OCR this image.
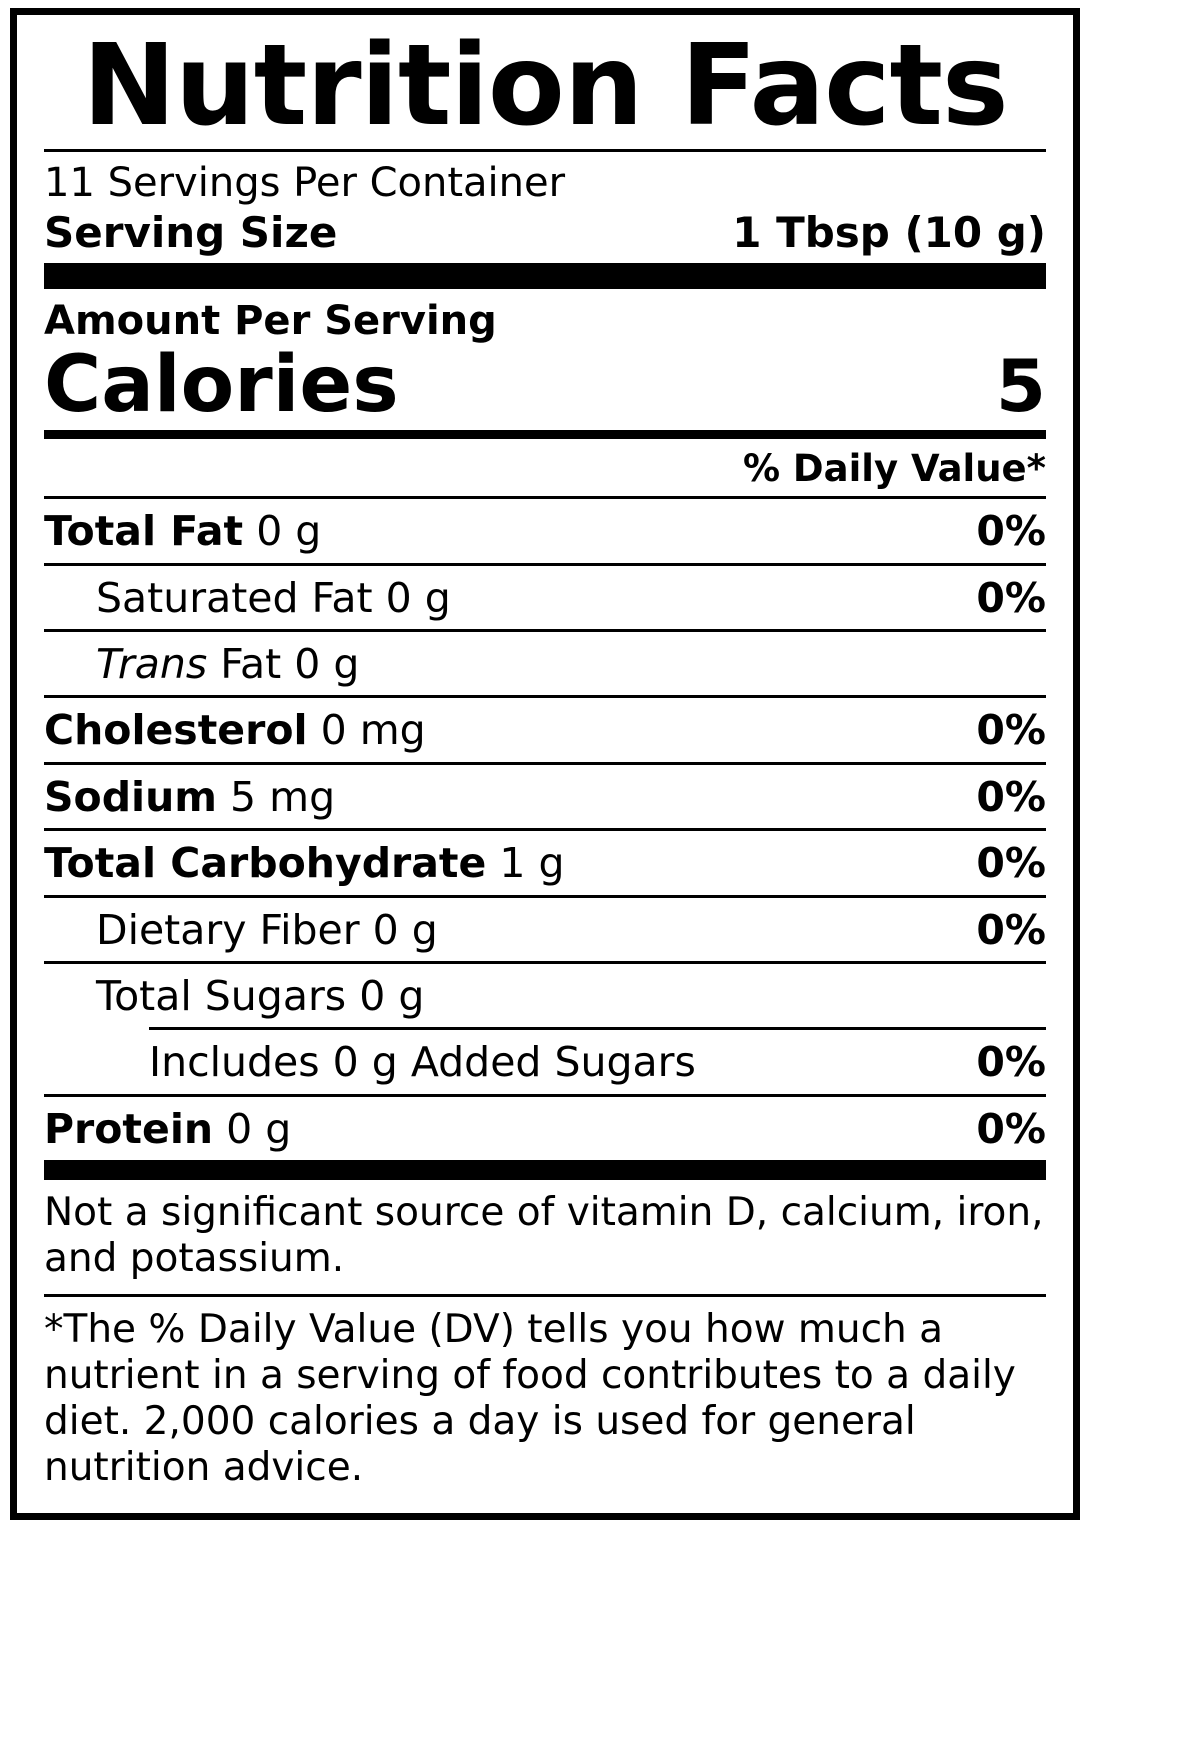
Nutrition Facts
11 Servings Per Container
Serving Size	1 Tbsp (10 g)
Amount Per Serving
Calories	5
% Daily Value*
Total Fat 0 g	0%
Saturated Fat 0 g	0%
Trans Fat 0 g
Cholesterol 0 mg	0%
Sodium 5 mg	0%
Total Carbohydrate 1 g	0%
Dietary Fiber 0 g	0%
Total Sugars 0 g
Includes 0 g Added Sugars	0%
Protein 0 g	0%
Not a significant source of vitamin D, calcium, iron, and potassium.
*The % Daily Value (DV) tells you how much a nutrient in a serving of food contributes to a daily diet. 2,000 calories a day is used for general nutrition advice.
